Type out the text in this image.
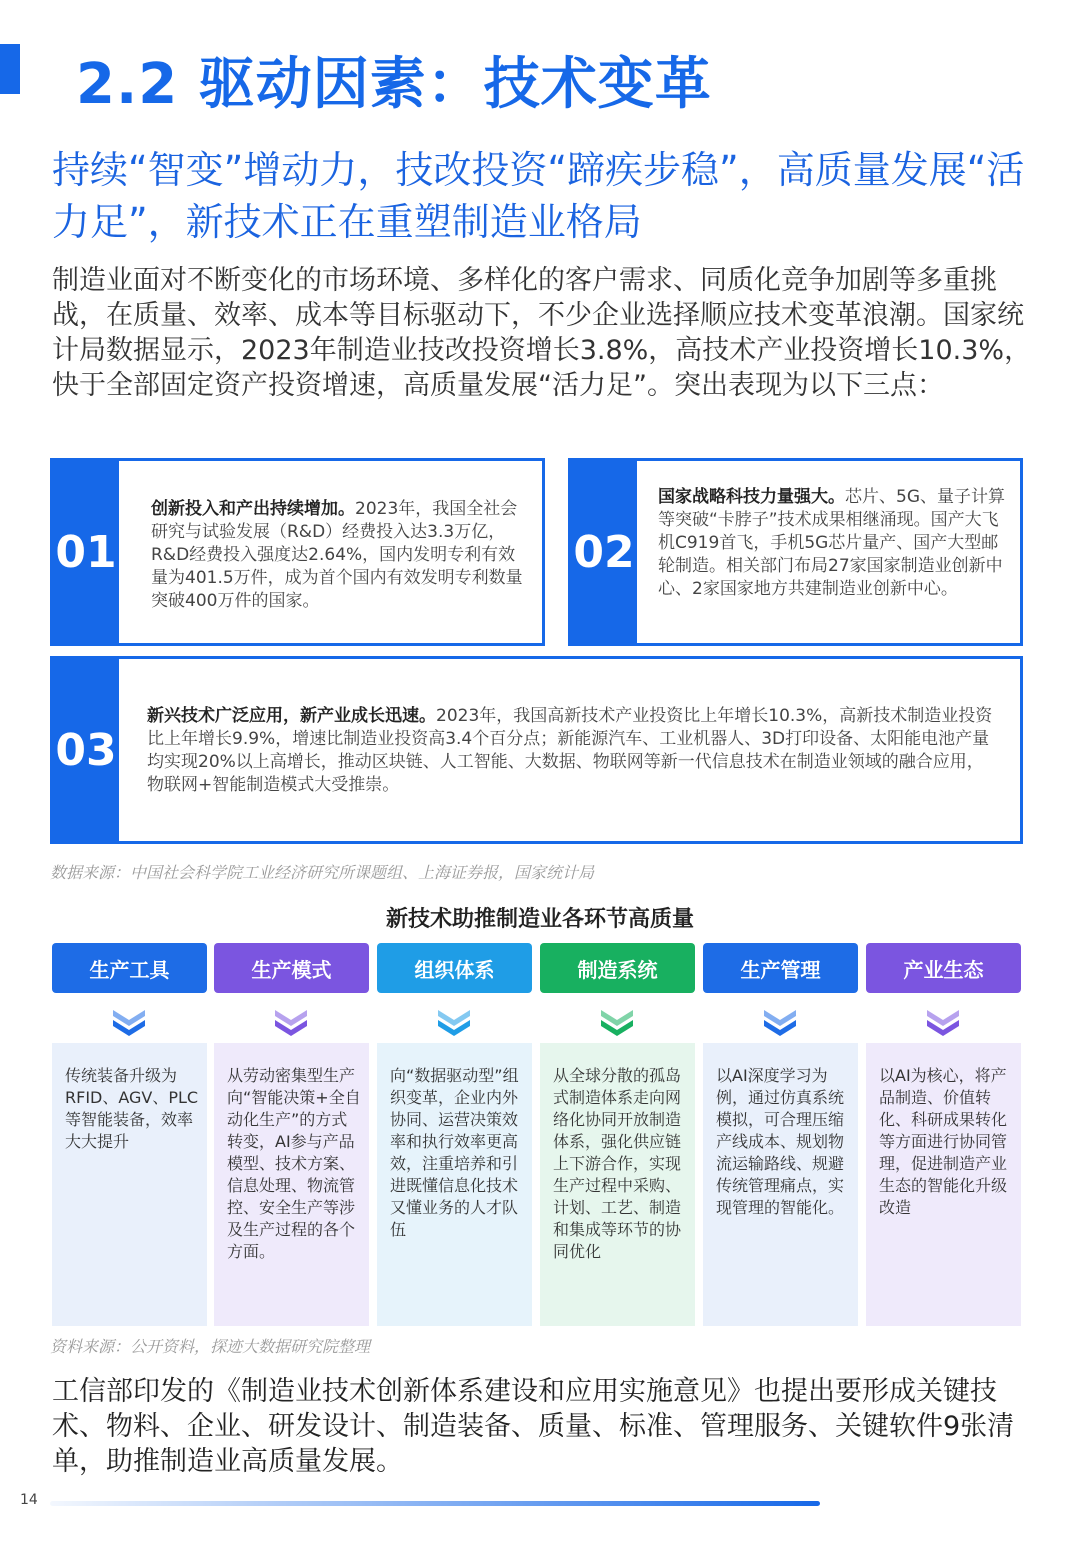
2.2 驱动因素：技术变革
持续“智变”增动力，技改投资“蹄疾步稳”，高质量发展“活力足”，新技术正在重塑制造业格局
制造业面对不断变化的市场环境、多样化的客户需求、同质化竞争加剧等多重挑战，在质量、效率、成本等目标驱动下，不少企业选择顺应技术变革浪潮。国家统计局数据显示，2023年制造业技改投资增长3.8%，高技术产业投资增长10.3%，快于全部固定资产投资增速，高质量发展“活力足”。突出表现为以下三点：
01
创新投入和产出持续增加。2023年，我国全社会研究与试验发展（R&D）经费投入达3.3万亿，R&D经费投入强度达2.64%，国内发明专利有效量为401.5万件，成为首个国内有效发明专利数量突破400万件的国家。
02
国家战略科技力量强大。芯片、5G、量子计算等突破“卡脖子”技术成果相继涌现。国产大飞机C919首飞，手机5G芯片量产、国产大型邮轮制造。相关部门布局27家国家制造业创新中心、2家国家地方共建制造业创新中心。
03
新兴技术广泛应用，新产业成长迅速。2023年，我国高新技术产业投资比上年增长10.3%，高新技术制造业投资比上年增长9.9%，增速比制造业投资高3.4个百分点；新能源汽车、工业机器人、3D打印设备、太阳能电池产量均实现20%以上高增长，推动区块链、人工智能、大数据、物联网等新一代信息技术在制造业领域的融合应用，物联网+智能制造模式大受推崇。
数据来源：中国社会科学院工业经济研究所课题组、上海证券报，国家统计局
新技术助推制造业各环节高质量
生产工具
传统装备升级为RFID、AGV、PLC等智能装备，效率大大提升
生产模式
从劳动密集型生产向“智能决策+全自动化生产”的方式转变，AI参与产品模型、技术方案、信息处理、物流管控、安全生产等涉及生产过程的各个方面。
组织体系
向“数据驱动型”组织变革，企业内外协同、运营决策效率和执行效率更高效，注重培养和引进既懂信息化技术又懂业务的人才队伍
制造系统
从全球分散的孤岛式制造体系走向网络化协同开放制造体系，强化供应链上下游合作，实现生产过程中采购、计划、工艺、制造和集成等环节的协同优化
生产管理
以AI深度学习为例，通过仿真系统模拟，可合理压缩产线成本、规划物流运输路线、规避传统管理痛点，实现管理的智能化。
产业生态
以AI为核心，将产品制造、价值转化、科研成果转化等方面进行协同管理，促进制造产业生态的智能化升级改造
资料来源：公开资料，探迹大数据研究院整理
工信部印发的《制造业技术创新体系建设和应用实施意见》也提出要形成关键技术、物料、企业、研发设计、制造装备、质量、标准、管理服务、关键软件9张清单，助推制造业高质量发展。
14
